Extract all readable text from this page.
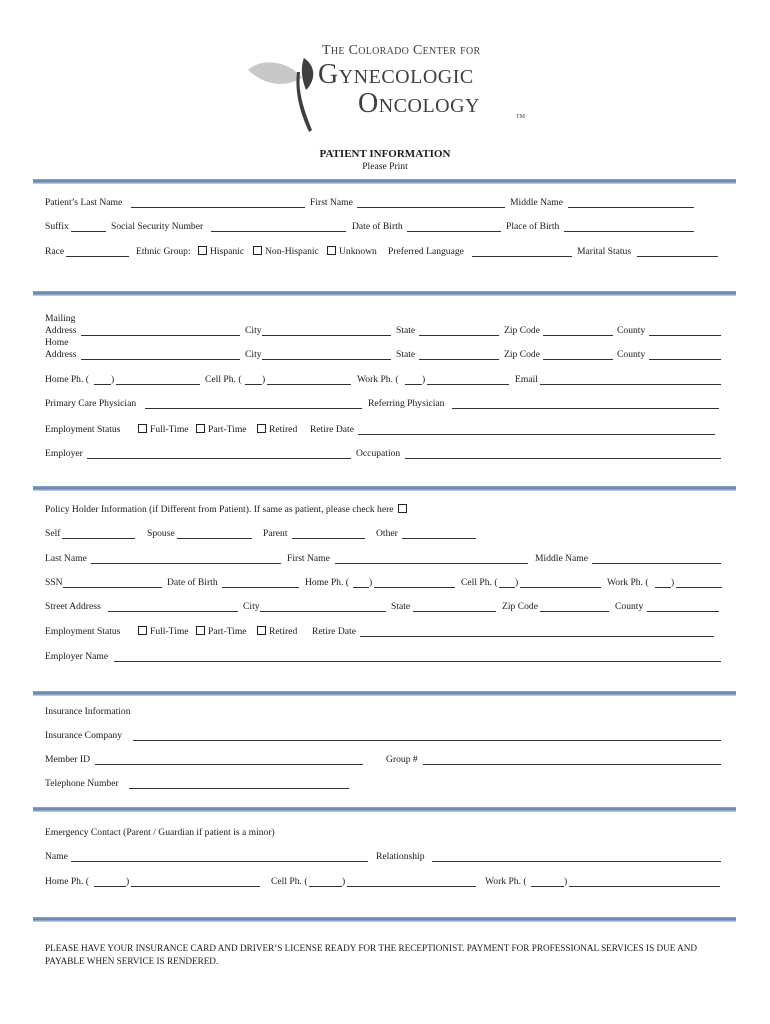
The Colorado Center for
Gynecologic
Oncology	TM
PATIENT INFORMATION
Please Print
Patient’s Last Name	First Name	Middle Name
Suffix	Social Security Number	Date of Birth	Place of Birth
Race	Ethnic Group:	Hispanic	Non-Hispanic	Unknown Preferred Language	Marital Status
Mailing
Address	City	State	Zip Code	County
Home
Address	City	State	Zip Code	County
Home Ph. ( )	Cell Ph. ( )	Work Ph. ( )	Email
Primary Care Physician	Referring Physician
Employment Status	Full-Time	Part-Time	Retired Retire Date
Employer	Occupation
Policy Holder Information (if Different from Patient). If same as patient, please check here
Self	Spouse	Parent	Other
Last Name	First Name	Middle Name
SSN	Date of Birth	Home Ph. ( )	Cell Ph. ( )	Work Ph. ( )
Street Address	City	State	Zip Code	County
Employment Status	Full-Time	Part-Time	Retired Retire Date
Employer Name
Insurance Information
Insurance Company
Member ID	Group #
Telephone Number
Emergency Contact (Parent / Guardian if patient is a minor)
Name	Relationship
Home Ph. (	)	Cell Ph. (	)	Work Ph. (	)
PLEASE HAVE YOUR INSURANCE CARD AND DRIVER’S LICENSE READY FOR THE RECEPTIONIST. PAYMENT FOR PROFESSIONAL SERVICES IS DUE AND
PAYABLE WHEN SERVICE IS RENDERED.
